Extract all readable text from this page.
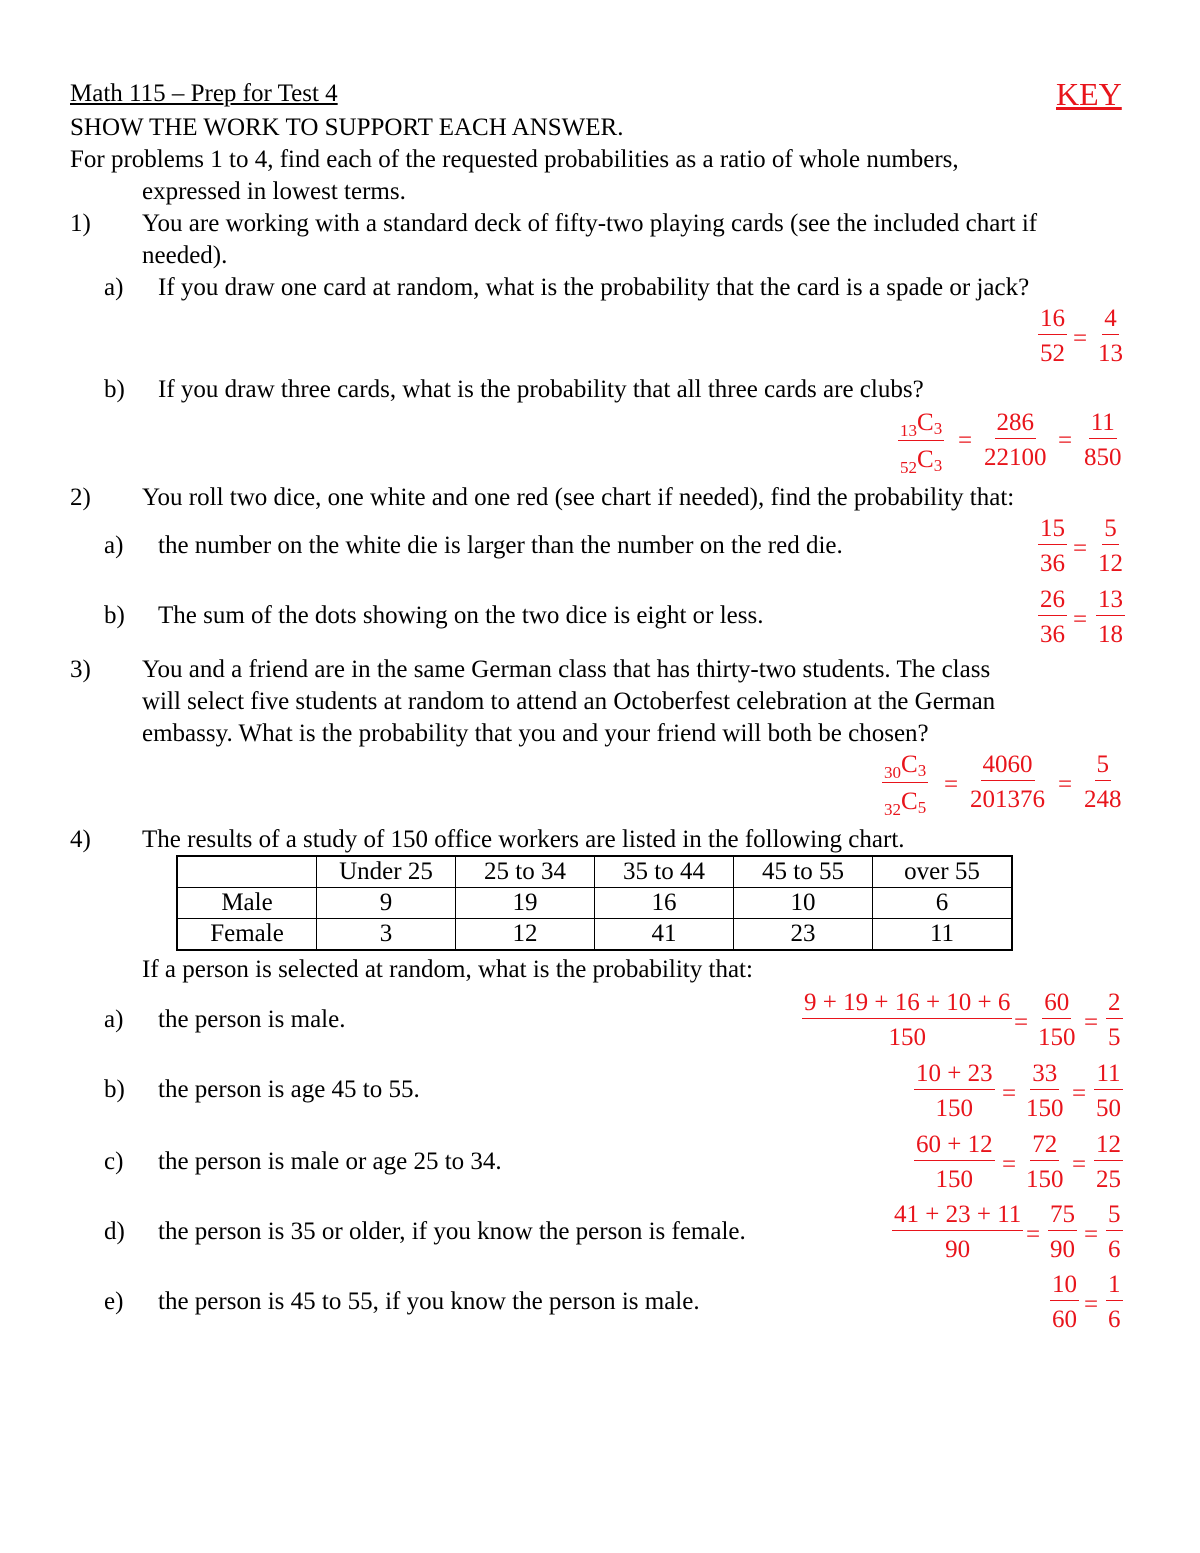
Math 115 – Prep for Test 4	KEY
SHOW THE WORK TO SUPPORT EACH ANSWER.
For problems 1 to 4, find each of the requested probabilities as a ratio of whole numbers,
expressed in lowest terms.
1) You are working with a standard deck of fifty-two playing cards (see the included chart if
needed).
a) If you draw one card at random, what is the probability that the card is a spade or jack?
$\frac{16}{52} = \frac{4}{13}$
b) If you draw three cards, what is the probability that all three cards are clubs?
$\frac{_{13}C_3}{_{52}C_3} = \frac{286}{22100} = \frac{11}{850}$
2) You roll two dice, one white and one red (see chart if needed), find the probability that:
a) the number on the white die is larger than the number on the red die.	$\frac{15}{36} = \frac{5}{12}$
b) The sum of the dots showing on the two dice is eight or less.	$\frac{26}{36} = \frac{13}{18}$
3) You and a friend are in the same German class that has thirty-two students. The class
will select five students at random to attend an Octoberfest celebration at the German
embassy. What is the probability that you and your friend will both be chosen?
$\frac{_{30}C_3}{_{32}C_5} = \frac{4060}{201376} = \frac{5}{248}$
4) The results of a study of 150 office workers are listed in the following chart.
	Under 25	25 to 34	35 to 44	45 to 55	over 55
Male	9	19	16	10	6
Female	3	12	41	23	11
If a person is selected at random, what is the probability that:
a) the person is male.	$\frac{9 + 19 + 16 + 10 + 6}{150} = \frac{60}{150} = \frac{2}{5}$
b) the person is age 45 to 55.	$\frac{10 + 23}{150} = \frac{33}{150} = \frac{11}{50}$
c) the person is male or age 25 to 34.	$\frac{60 + 12}{150} = \frac{72}{150} = \frac{12}{25}$
d) the person is 35 or older, if you know the person is female.	$\frac{41 + 23 + 11}{90} = \frac{75}{90} = \frac{5}{6}$
e) the person is 45 to 55, if you know the person is male.	$\frac{10}{60} = \frac{1}{6}$
